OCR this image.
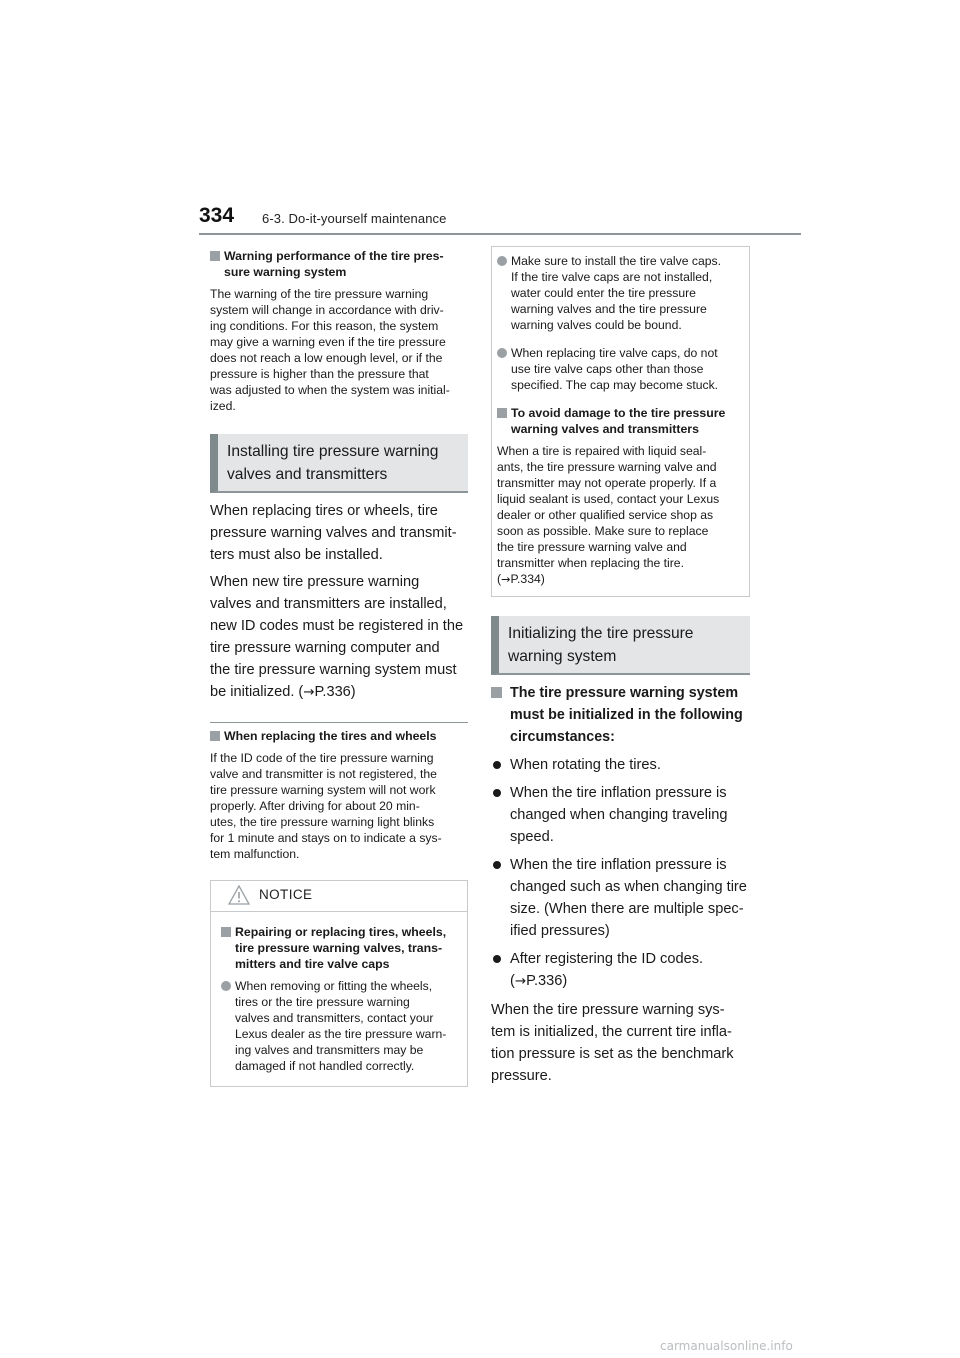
334 6-3. Do-it-yourself maintenance
Warning performance of the tire pres-
sure warning system
The warning of the tire pressure warning
system will change in accordance with driv-
ing conditions. For this reason, the system
may give a warning even if the tire pressure
does not reach a low enough level, or if the
pressure is higher than the pressure that
was adjusted to when the system was initial-
ized.
Installing tire pressure warning
valves and transmitters
When replacing tires or wheels, tire
pressure warning valves and transmit-
ters must also be installed.
When new tire pressure warning
valves and transmitters are installed,
new ID codes must be registered in the
tire pressure warning computer and
the tire pressure warning system must
be initialized. (→P.336)
When replacing the tires and wheels
If the ID code of the tire pressure warning
valve and transmitter is not registered, the
tire pressure warning system will not work
properly. After driving for about 20 min-
utes, the tire pressure warning light blinks
for 1 minute and stays on to indicate a sys-
tem malfunction.
NOTICE
Repairing or replacing tires, wheels,
tire pressure warning valves, trans-
mitters and tire valve caps
When removing or fitting the wheels,
tires or the tire pressure warning
valves and transmitters, contact your
Lexus dealer as the tire pressure warn-
ing valves and transmitters may be
damaged if not handled correctly.
Make sure to install the tire valve caps.
If the tire valve caps are not installed,
water could enter the tire pressure
warning valves and the tire pressure
warning valves could be bound.
When replacing tire valve caps, do not
use tire valve caps other than those
specified. The cap may become stuck.
To avoid damage to the tire pressure
warning valves and transmitters
When a tire is repaired with liquid seal-
ants, the tire pressure warning valve and
transmitter may not operate properly. If a
liquid sealant is used, contact your Lexus
dealer or other qualified service shop as
soon as possible. Make sure to replace
the tire pressure warning valve and
transmitter when replacing the tire.
(→P.334)
Initializing the tire pressure
warning system
The tire pressure warning system
must be initialized in the following
circumstances:
When rotating the tires.
When the tire inflation pressure is
changed when changing traveling
speed.
When the tire inflation pressure is
changed such as when changing tire
size. (When there are multiple spec-
ified pressures)
After registering the ID codes.
(→P.336)
When the tire pressure warning sys-
tem is initialized, the current tire infla-
tion pressure is set as the benchmark
pressure.
carmanualsonline.info
